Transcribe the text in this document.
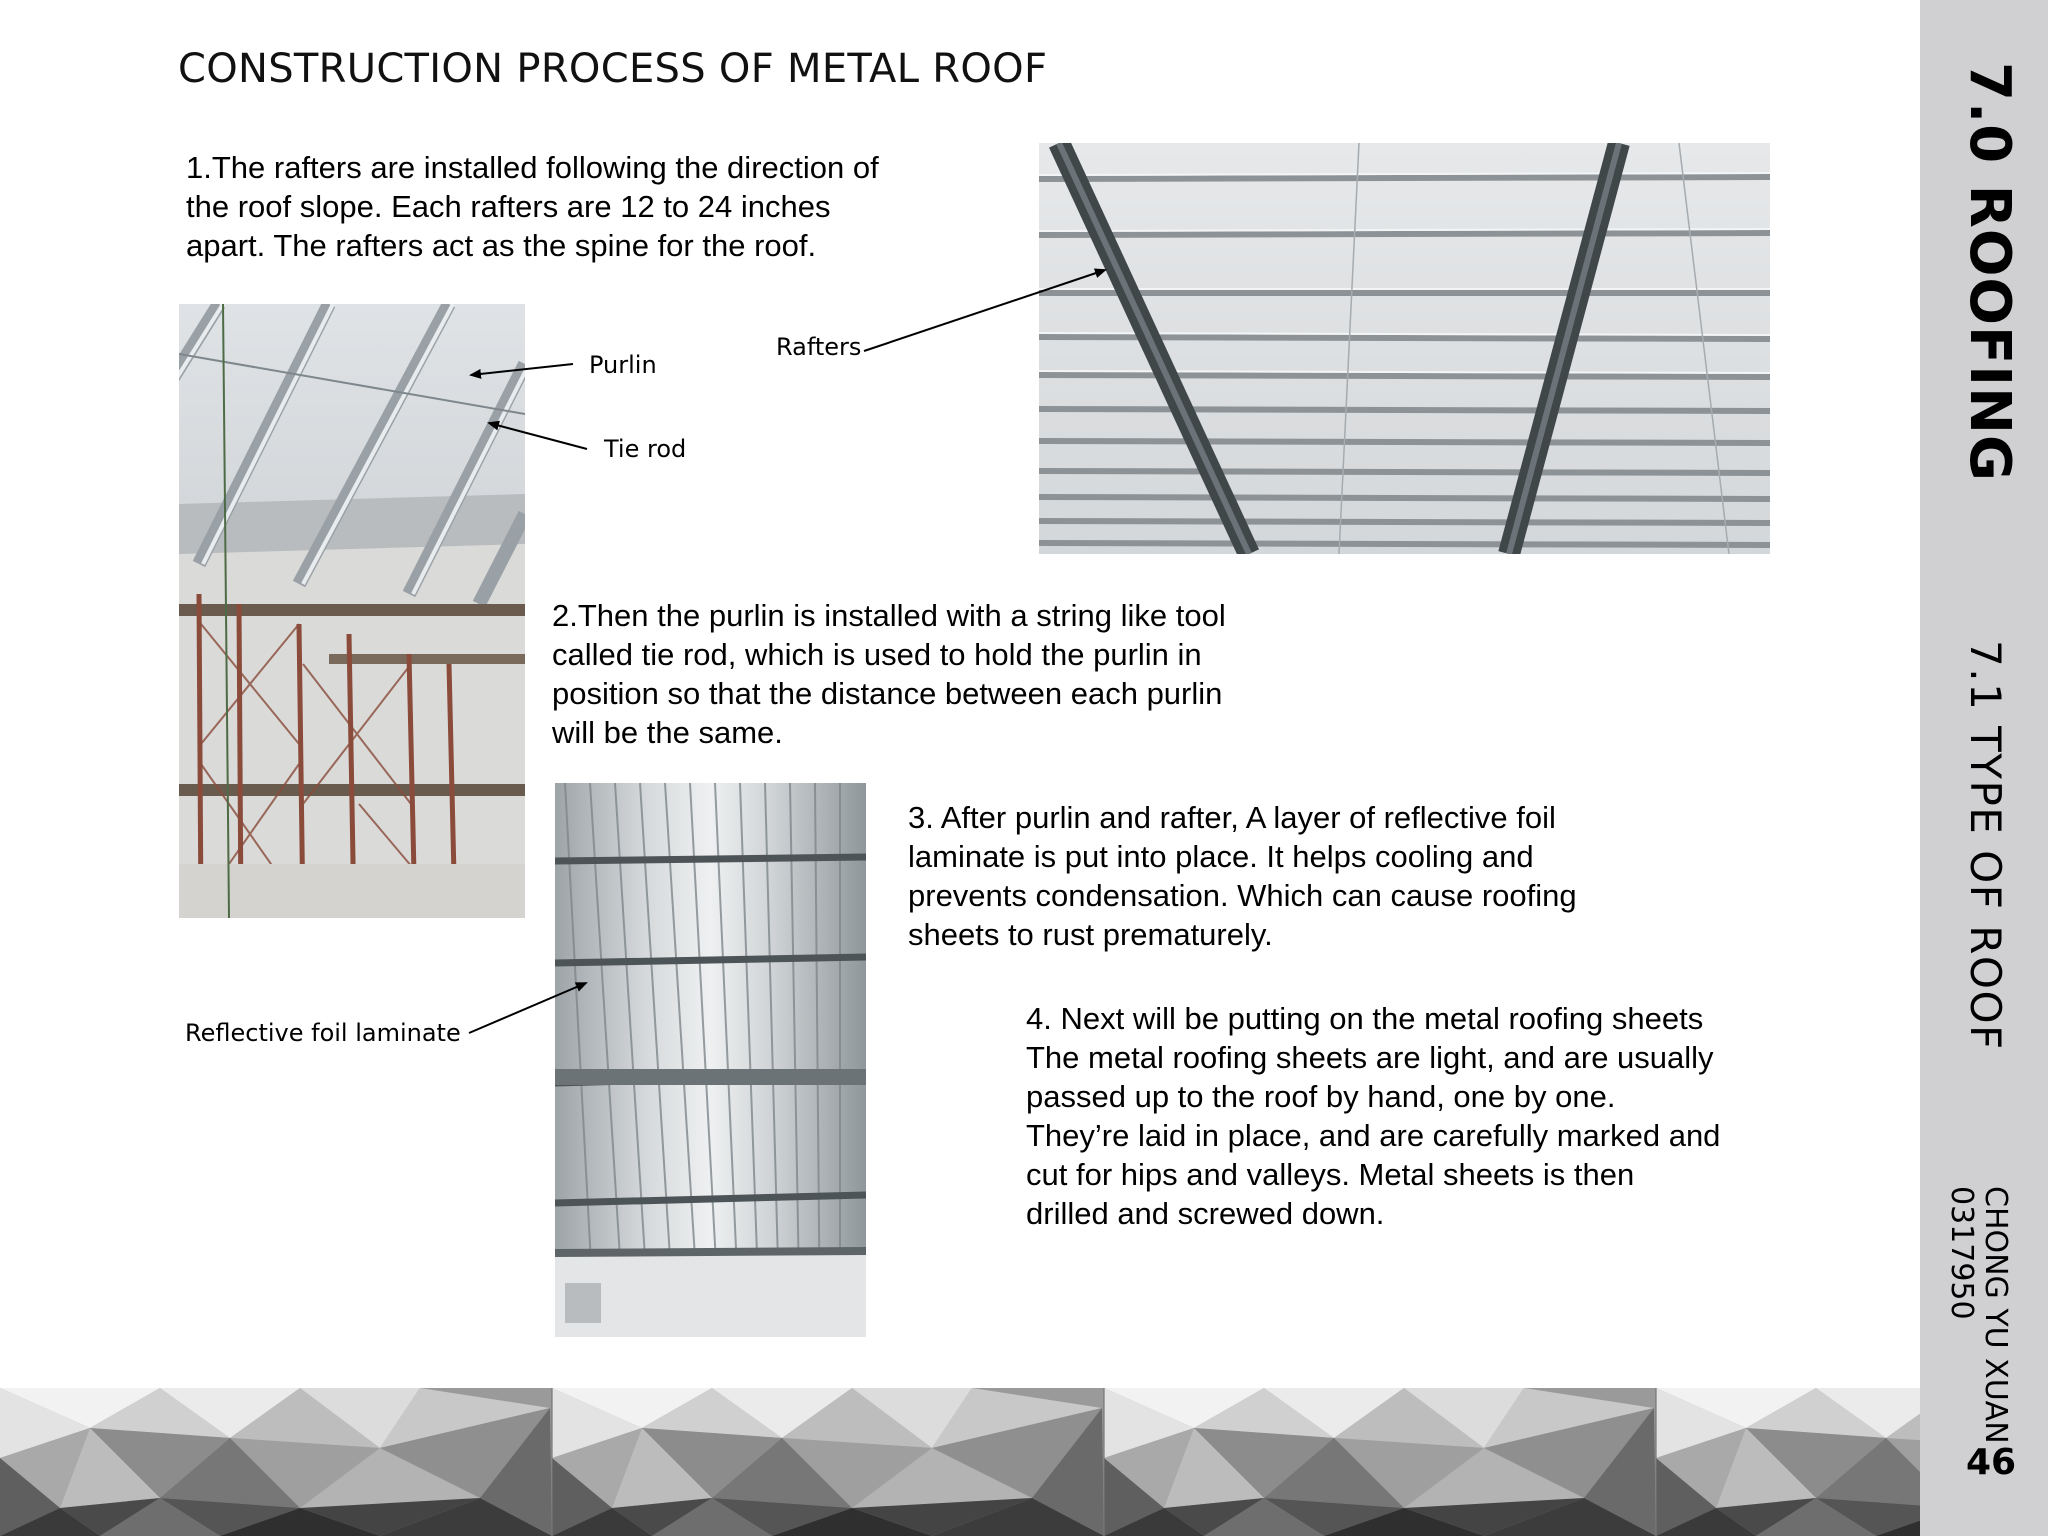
CONSTRUCTION PROCESS OF METAL ROOF
1.The rafters are installed following the direction of
the roof slope. Each rafters are 12 to 24 inches
apart. The rafters act as the spine for the roof.
2.Then the purlin is installed with a string like tool
called tie rod, which is used to hold the purlin in
position so that the distance between each purlin
will be the same.
3. After purlin and rafter, A layer of reflective foil
laminate is put into place. It helps cooling and
prevents condensation. Which can cause roofing
sheets to rust prematurely.
4. Next will be putting on the metal roofing sheets
The metal roofing sheets are light, and are usually
passed up to the roof by hand, one by one.
They’re laid in place, and are carefully marked and
cut for hips and valleys. Metal sheets is then
drilled and screwed down.
Purlin
Tie rod
Rafters
Reflective foil laminate
7.0 ROOFING
7.1 TYPE OF ROOF
CHONG YU XUAN
0317950
46
